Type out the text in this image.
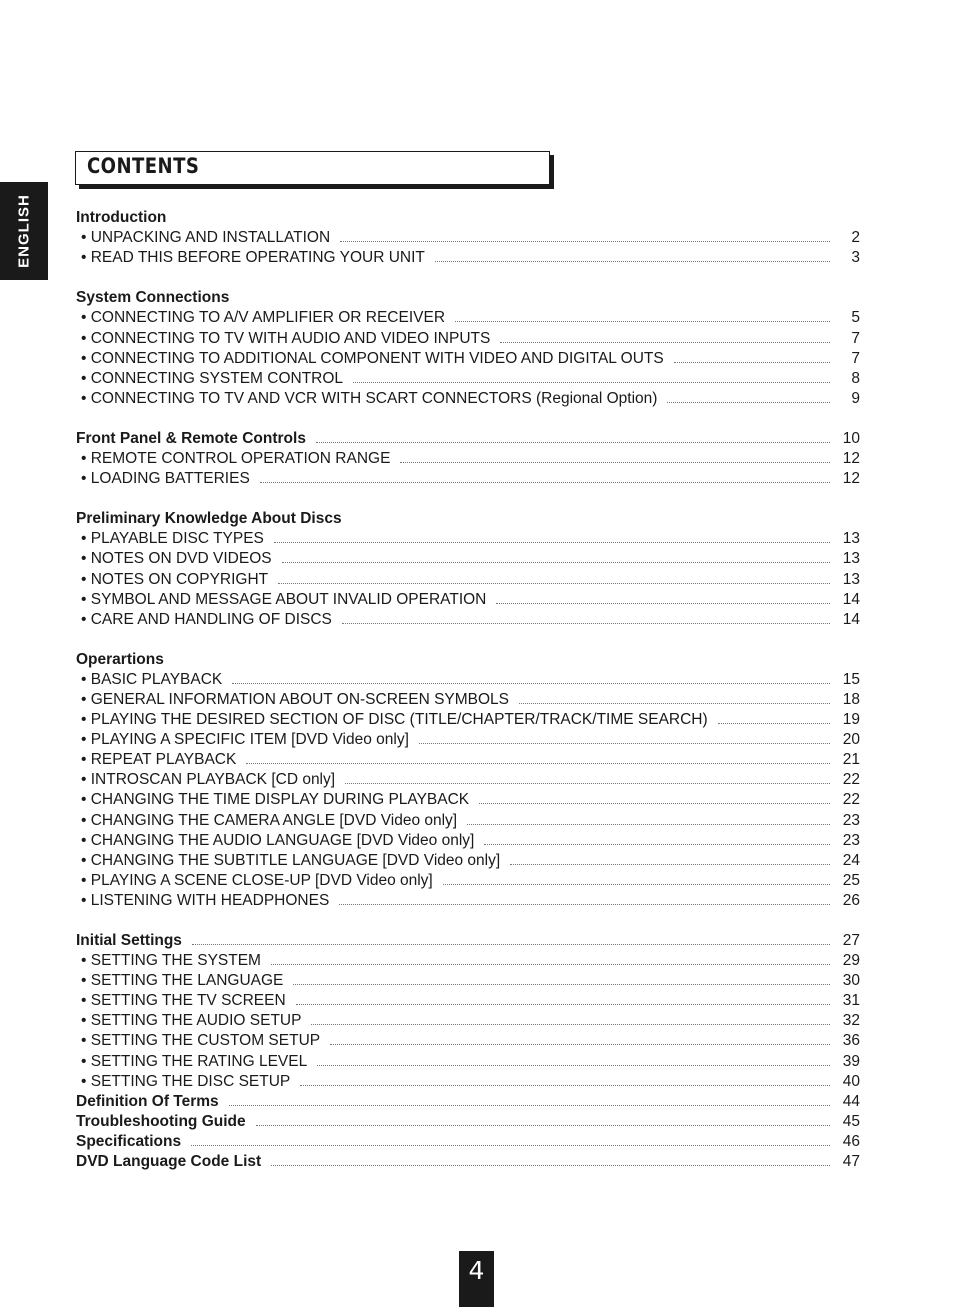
ENGLISH
CONTENTS
Introduction
• UNPACKING AND INSTALLATION	2
• READ THIS BEFORE OPERATING YOUR UNIT	3
System Connections
• CONNECTING TO A/V AMPLIFIER OR RECEIVER	5
• CONNECTING TO TV WITH AUDIO AND VIDEO INPUTS	7
• CONNECTING TO ADDITIONAL COMPONENT WITH VIDEO AND DIGITAL OUTS	7
• CONNECTING SYSTEM CONTROL	8
• CONNECTING TO TV AND VCR WITH SCART CONNECTORS (Regional Option)	9
Front Panel & Remote Controls	10
• REMOTE CONTROL OPERATION RANGE	12
• LOADING BATTERIES	12
Preliminary Knowledge About Discs
• PLAYABLE DISC TYPES	13
• NOTES ON DVD VIDEOS	13
• NOTES ON COPYRIGHT	13
• SYMBOL AND MESSAGE ABOUT INVALID OPERATION	14
• CARE AND HANDLING OF DISCS	14
Operartions
• BASIC PLAYBACK	15
• GENERAL INFORMATION ABOUT ON-SCREEN SYMBOLS	18
• PLAYING THE DESIRED SECTION OF DISC (TITLE/CHAPTER/TRACK/TIME SEARCH)	19
• PLAYING A SPECIFIC ITEM [DVD Video only]	20
• REPEAT PLAYBACK	21
• INTROSCAN PLAYBACK [CD only]	22
• CHANGING THE TIME DISPLAY DURING PLAYBACK	22
• CHANGING THE CAMERA ANGLE [DVD Video only]	23
• CHANGING THE AUDIO LANGUAGE [DVD Video only]	23
• CHANGING THE SUBTITLE LANGUAGE [DVD Video only]	24
• PLAYING A SCENE CLOSE-UP [DVD Video only]	25
• LISTENING WITH HEADPHONES	26
Initial Settings	27
• SETTING THE SYSTEM	29
• SETTING THE LANGUAGE	30
• SETTING THE TV SCREEN	31
• SETTING THE AUDIO SETUP	32
• SETTING THE CUSTOM SETUP	36
• SETTING THE RATING LEVEL	39
• SETTING THE DISC SETUP	40
Definition Of Terms	44
Troubleshooting Guide	45
Specifications	46
DVD Language Code List	47
4
